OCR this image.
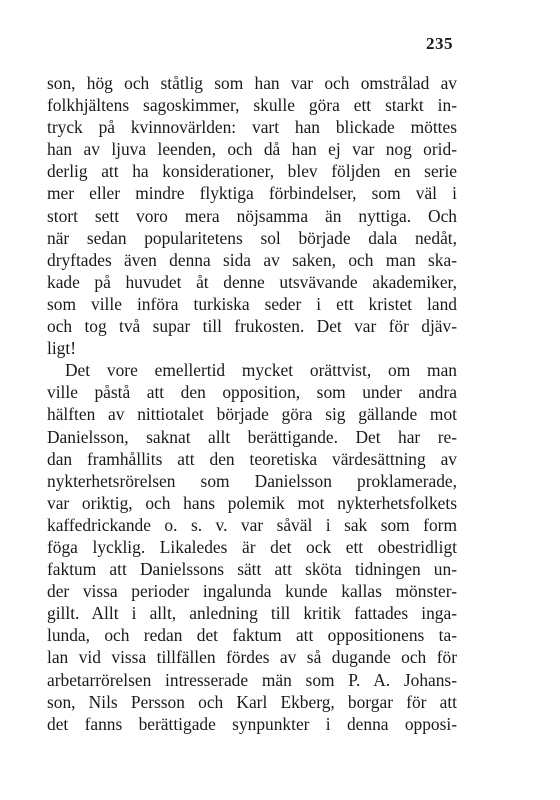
235
son, hög och ståtlig som han var och omstrålad av
folkhjältens sagoskimmer, skulle göra ett starkt in-
tryck på kvinnovärlden: vart han blickade möttes
han av ljuva leenden, och då han ej var nog orid-
derlig att ha konsiderationer, blev följden en serie
mer eller mindre flyktiga förbindelser, som väl i
stort sett voro mera nöjsamma än nyttiga. Och
när sedan popularitetens sol började dala nedåt,
dryftades även denna sida av saken, och man ska-
kade på huvudet åt denne utsvävande akademiker,
som ville införa turkiska seder i ett kristet land
och tog två supar till frukosten. Det var för djäv-
ligt!
Det vore emellertid mycket orättvist, om man
ville påstå att den opposition, som under andra
hälften av nittiotalet började göra sig gällande mot
Danielsson, saknat allt berättigande. Det har re-
dan framhållits att den teoretiska värdesättning av
nykterhetsrörelsen som Danielsson proklamerade,
var oriktig, och hans polemik mot nykterhetsfolkets
kaffedrickande o. s. v. var såväl i sak som form
föga lycklig. Likaledes är det ock ett obestridligt
faktum att Danielssons sätt att sköta tidningen un-
der vissa perioder ingalunda kunde kallas mönster-
gillt. Allt i allt, anledning till kritik fattades inga-
lunda, och redan det faktum att oppositionens ta-
lan vid vissa tillfällen fördes av så dugande och för
arbetarrörelsen intresserade män som P. A. Johans-
son, Nils Persson och Karl Ekberg, borgar för att
det fanns berättigade synpunkter i denna opposi-
